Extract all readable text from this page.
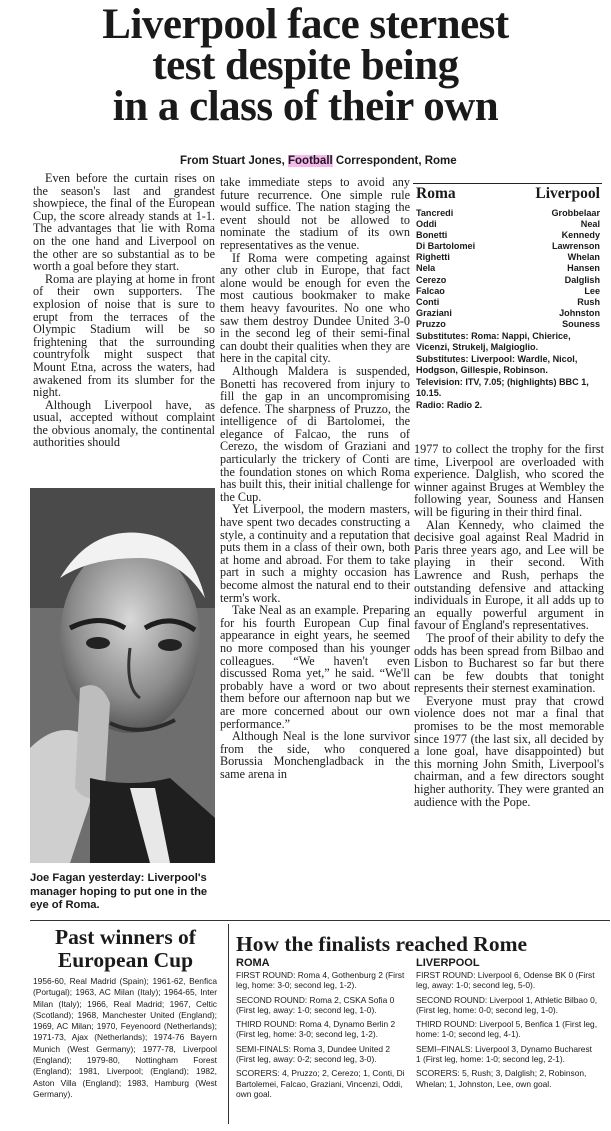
Liverpool face sternest
test despite being
in a class of their own
From Stuart Jones, Football Correspondent, Rome

Even before the curtain rises on the season's last and grandest showpiece, the final of the European Cup, the score already stands at 1-1. The advantages that lie with Roma on the one hand and Liverpool on the other are so substantial as to be worth a goal before they start.

Roma are playing at home in front of their own supporters. The explosion of noise that is sure to erupt from the terraces of the Olympic Stadium will be so frightening that the surrounding countryfolk might suspect that Mount Etna, across the waters, had awakened from its slumber for the night.

Although Liverpool have, as usual, accepted without complaint the obvious anomaly, the continental authorities should

Joe Fagan yesterday: Liverpool's manager hoping to put one in the eye of Roma.

take immediate steps to avoid any future recurrence. One simple rule would suffice. The nation staging the event should not be allowed to nominate the stadium of its own representatives as the venue.

If Roma were competing against any other club in Europe, that fact alone would be enough for even the most cautious bookmaker to make them heavy favourites. No one who saw them destroy Dundee United 3-0 in the second leg of their semi-final can doubt their qualities when they are here in the capital city.

Although Maldera is suspended, Bonetti has recovered from injury to fill the gap in an uncompromising defence. The sharpness of Pruzzo, the intelligence of di Bartolomei, the elegance of Falcao, the runs of Cerezo, the wisdom of Graziani and particularly the trickery of Conti are the foundation stones on which Roma has built this, their initial challenge for the Cup.

Yet Liverpool, the modern masters, have spent two decades constructing a style, a continuity and a reputation that puts them in a class of their own, both at home and abroad. For them to take part in such a mighty occasion has become almost the natural end to their term's work.

Take Neal as an example. Preparing for his fourth European Cup final appearance in eight years, he seemed no more composed than his younger colleagues. “We haven't even discussed Roma yet,” he said. “We'll probably have a word or two about them before our afternoon nap but we are more concerned about our own performance.”

Although Neal is the lone survivor from the side, who conquered Borussia Monchengladback in the same arena in

Roma	Liverpool
Tancredi	Grobbelaar
Oddi	Neal
Bonetti	Kennedy
Di Bartolomei	Lawrenson
Righetti	Whelan
Nela	Hansen
Cerezo	Dalglish
Falcao	Lee
Conti	Rush
Graziani	Johnston
Pruzzo	Souness
Substitutes: Roma: Nappi, Chierice, Vicenzi, Strukelj, Malgioglio.
Substitutes: Liverpool: Wardle, Nicol, Hodgson, Gillespie, Robinson.
Television: ITV, 7.05; (highlights) BBC 1, 10.15.
Radio: Radio 2.

1977 to collect the trophy for the first time, Liverpool are overloaded with experience. Dalglish, who scored the winner against Bruges at Wembley the following year, Souness and Hansen will be figuring in their third final.

Alan Kennedy, who claimed the decisive goal against Real Madrid in Paris three years ago, and Lee will be playing in their second. With Lawrence and Rush, perhaps the outstanding defensive and attacking individuals in Europe, it all adds up to an equally powerful argument in favour of England's representatives.

The proof of their ability to defy the odds has been spread from Bilbao and Lisbon to Bucharest so far but there can be few doubts that tonight represents their sternest examination.

Everyone must pray that crowd violence does not mar a final that promises to be the most memorable since 1977 (the last six, all decided by a lone goal, have disappointed) but this morning John Smith, Liverpool's chairman, and a few directors sought higher authority. They were granted an audience with the Pope.

Past winners of European Cup
1956-60, Real Madrid (Spain); 1961-62, Benfica (Portugal); 1963, AC Milan (Italy); 1964-65, Inter Milan (Italy); 1966, Real Madrid; 1967, Celtic (Scotland); 1968, Manchester United (England); 1969, AC Milan; 1970, Feyenoord (Netherlands); 1971-73, Ajax (Netherlands); 1974-76 Bayern Munich (West Germany); 1977-78, Liverpool (England); 1979-80, Nottingham Forest (England); 1981, Liverpool; (England); 1982, Aston Villa (England); 1983, Hamburg (West Germany).
How the finalists reached Rome
ROMA
FIRST ROUND: Roma 4, Gothenburg 2 (First leg, home: 3-0; second leg, 1-2).
SECOND ROUND: Roma 2, CSKA Sofia 0 (First leg, away: 1-0; second leg, 1-0).
THIRD ROUND: Roma 4, Dynamo Berlin 2 (First leg, home: 3-0; second leg, 1-2).
SEMI-FINALS: Roma 3, Dundee United 2 (First leg, away: 0-2; second leg, 3-0).
SCORERS: 4, Pruzzo; 2, Cerezo; 1, Conti, Di Bartolemei, Falcao, Graziani, Vincenzi, Oddi, own goal.
LIVERPOOL
FIRST ROUND: Liverpool 6, Odense BK 0 (First leg, away: 1-0; second leg, 5-0).
SECOND ROUND: Liverpool 1, Athletic Bilbao 0, (First leg, home: 0-0; second leg, 1-0).
THIRD ROUND: Liverpool 5, Benfica 1 (First leg, home: 1-0; second leg, 4-1).
SEMI–FINALS: Liverpool 3, Dynamo Bucharest 1 (First leg, home: 1-0; second leg, 2-1).
SCORERS: 5, Rush; 3, Dalglish; 2, Robinson, Whelan; 1, Johnston, Lee, own goal.
